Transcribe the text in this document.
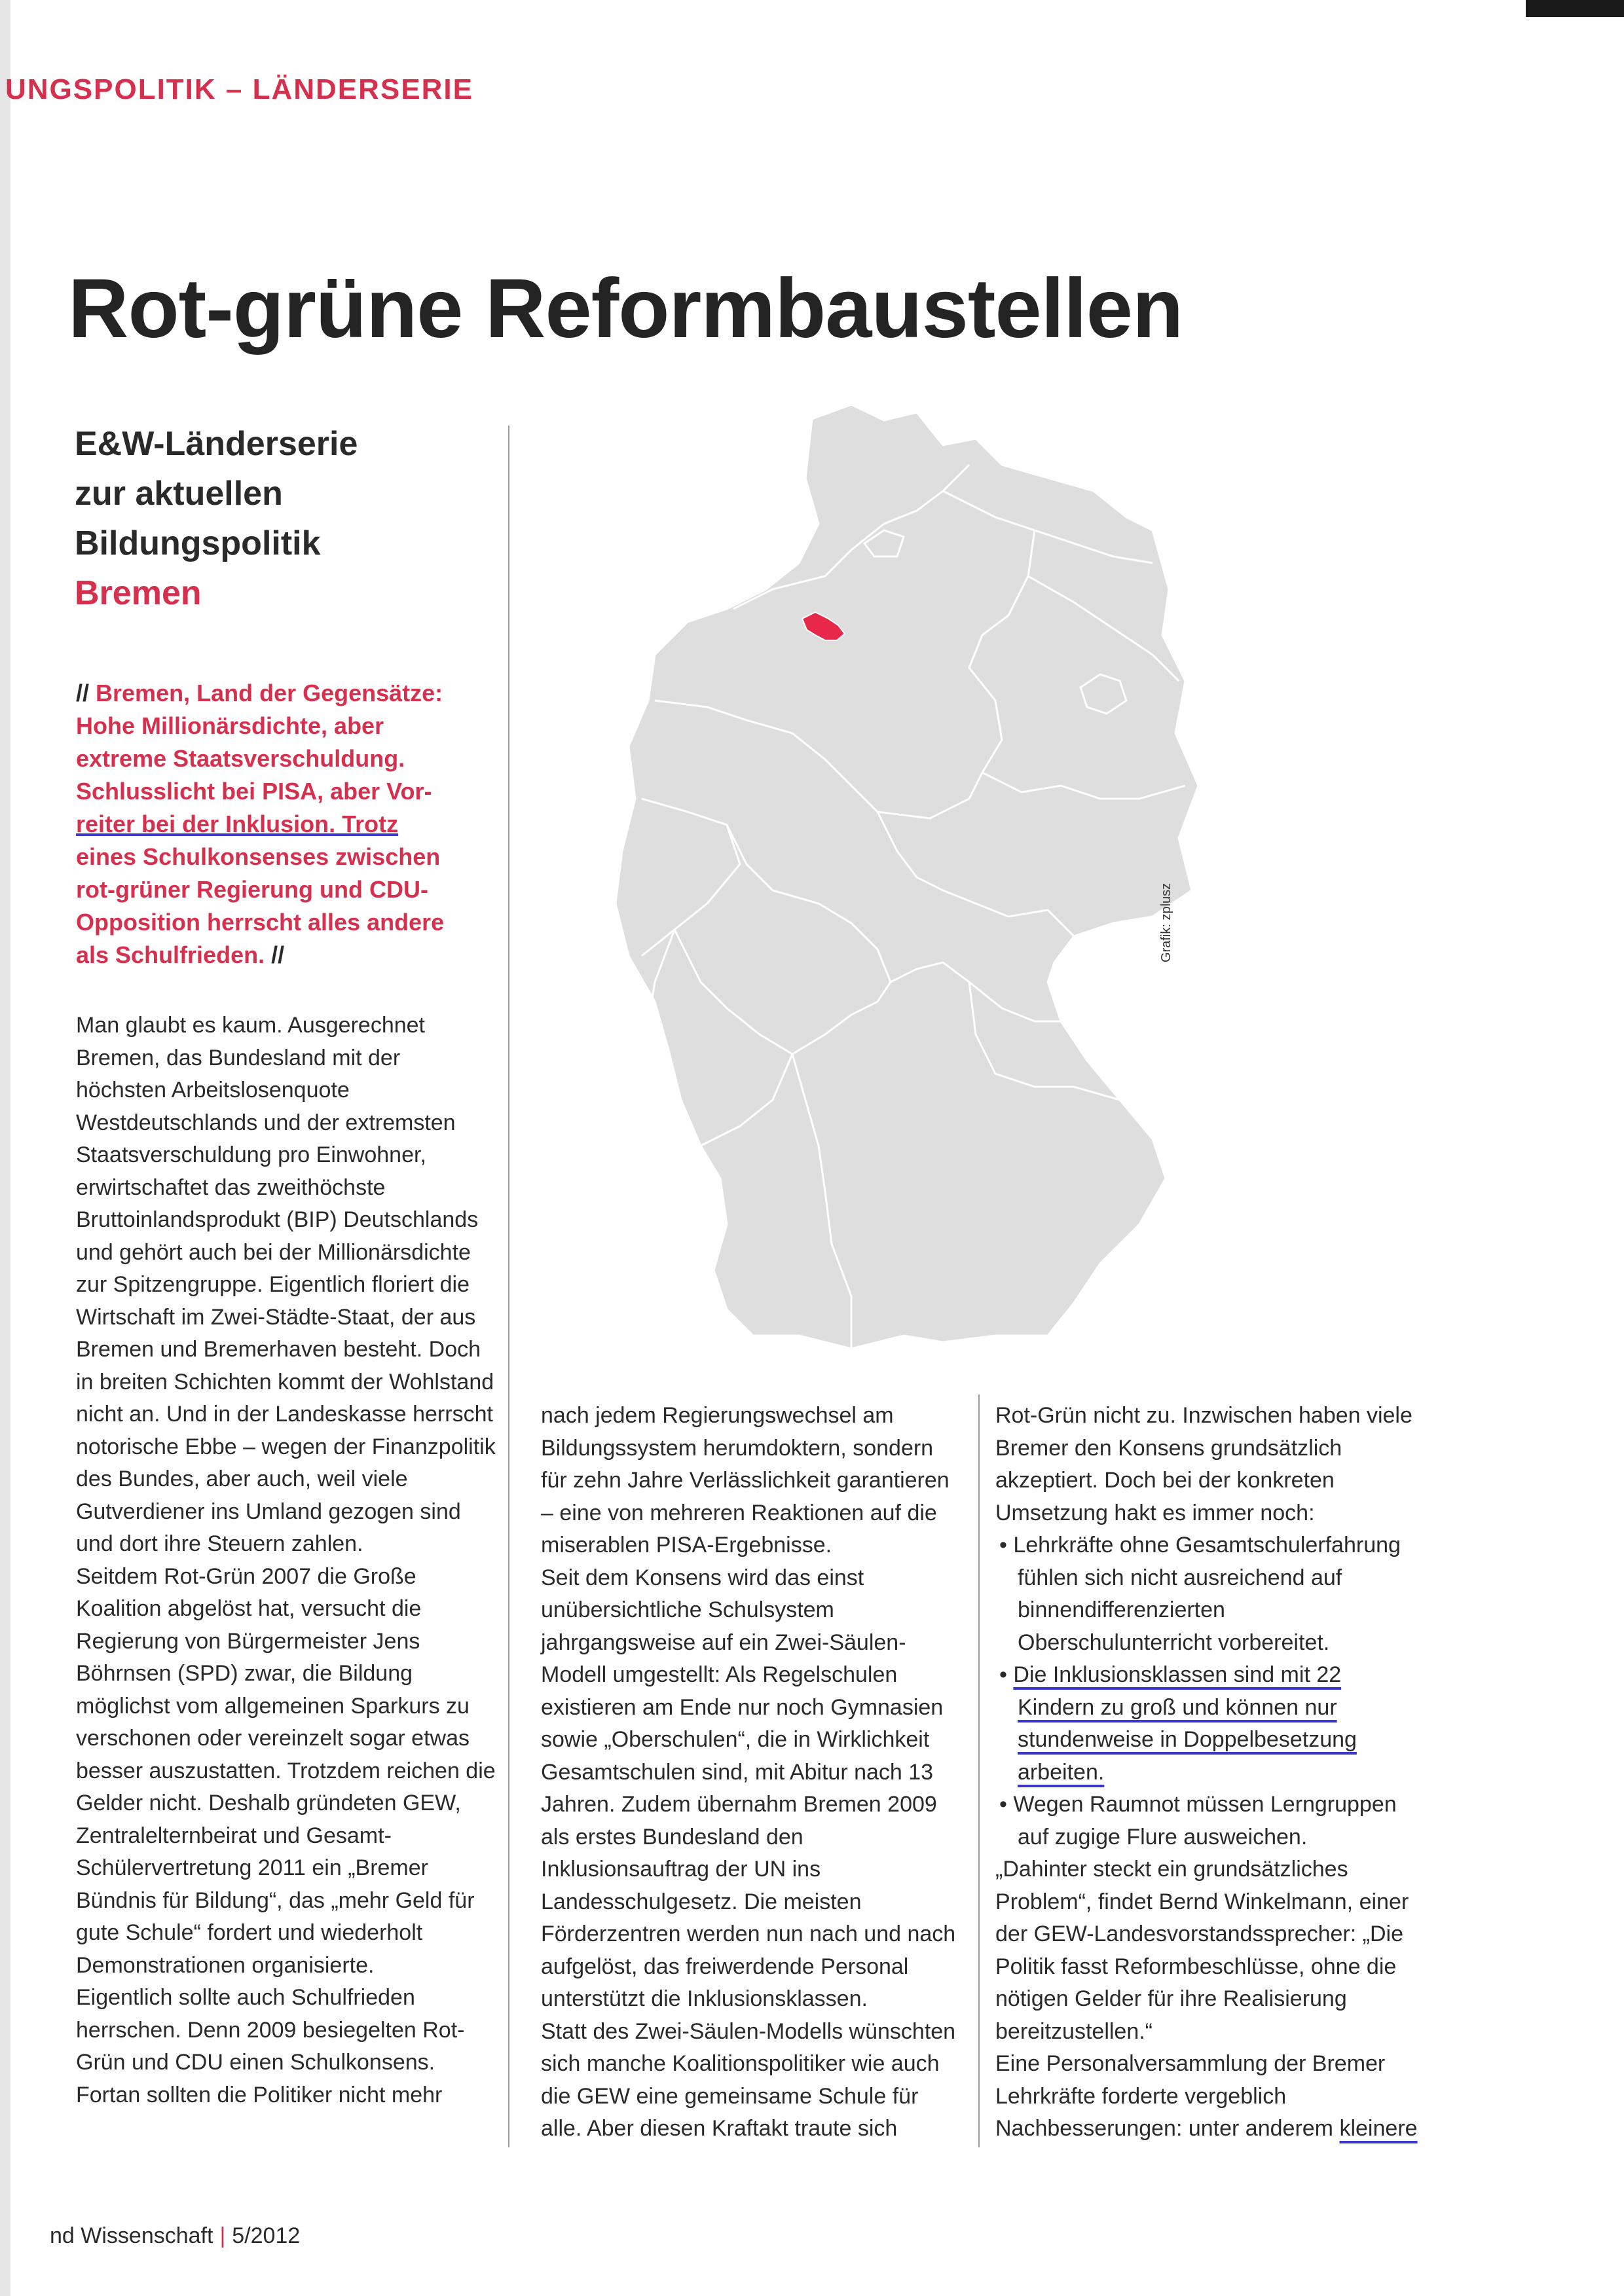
UNGSPOLITIK – LÄNDERSERIE
Rot-grüne Reformbaustellen
E&W-Länderserie
zur aktuellen
Bildungspolitik
Bremen
// Bremen, Land der Gegensätze:
Hohe Millionärsdichte, aber
extreme Staatsverschuldung.
Schlusslicht bei PISA, aber Vor-
reiter bei der Inklusion. Trotz
eines Schulkonsenses zwischen
rot-grüner Regierung und CDU-
Opposition herrscht alles andere
als Schulfrieden. //	Grafik: zplusz

Man glaubt es kaum. Ausgerechnet Bremen, das Bundesland mit der höchsten Arbeitslosenquote Westdeutschlands und der extremsten Staatsverschuldung pro Einwohner, erwirtschaftet das zweithöchste Bruttoinlandsprodukt (BIP) Deutschlands und gehört auch bei der Millionärsdichte zur Spitzengruppe. Eigentlich floriert die Wirtschaft im Zwei-Städte-Staat, der aus Bremen und Bremerhaven besteht. Doch in breiten Schichten kommt der Wohlstand nicht an. Und in der Landeskasse herrscht notorische Ebbe – wegen der Finanzpolitik des Bundes, aber auch, weil viele Gutverdiener ins Umland gezogen sind und dort ihre Steuern zahlen.

Seitdem Rot-Grün 2007 die Große Koalition abgelöst hat, versucht die Regierung von Bürgermeister Jens Böhrnsen (SPD) zwar, die Bildung möglichst vom allgemeinen Sparkurs zu verschonen oder vereinzelt sogar etwas besser auszustatten. Trotzdem reichen die Gelder nicht. Deshalb gründeten GEW, Zentralelternbeirat und Gesamt-Schülervertretung 2011 ein „Bremer Bündnis für Bildung“, das „mehr Geld für gute Schule“ fordert und wiederholt Demonstrationen organisierte.

Eigentlich sollte auch Schulfrieden herrschen. Denn 2009 besiegelten Rot-Grün und CDU einen Schulkonsens. Fortan sollten die Politiker nicht mehr

nach jedem Regierungswechsel am Bildungssystem herumdoktern, sondern für zehn Jahre Verlässlichkeit garantieren – eine von mehreren Reaktionen auf die miserablen PISA-Ergebnisse.

Seit dem Konsens wird das einst unübersichtliche Schulsystem jahrgangsweise auf ein Zwei-Säulen-Modell umgestellt: Als Regelschulen existieren am Ende nur noch Gymnasien sowie „Oberschulen“, die in Wirklichkeit Gesamtschulen sind, mit Abitur nach 13 Jahren. Zudem übernahm Bremen 2009 als erstes Bundesland den Inklusionsauftrag der UN ins Landesschulgesetz. Die meisten Förderzentren werden nun nach und nach aufgelöst, das freiwerdende Personal unterstützt die Inklusionsklassen.

Statt des Zwei-Säulen-Modells wünschten sich manche Koalitionspolitiker wie auch die GEW eine gemeinsame Schule für alle. Aber diesen Kraftakt traute sich

Rot-Grün nicht zu. Inzwischen haben viele Bremer den Konsens grundsätzlich akzeptiert. Doch bei der konkreten Umsetzung hakt es immer noch:

• Lehrkräfte ohne Gesamtschulerfahrung fühlen sich nicht ausreichend auf binnendifferenzierten Oberschulunterricht vorbereitet.

• Die Inklusionsklassen sind mit 22 Kindern zu groß und können nur stundenweise in Doppelbesetzung arbeiten.

• Wegen Raumnot müssen Lerngruppen auf zugige Flure ausweichen.

„Dahinter steckt ein grundsätzliches Problem“, findet Bernd Winkelmann, einer der GEW-Landesvorstandssprecher: „Die Politik fasst Reformbeschlüsse, ohne die nötigen Gelder für ihre Realisierung bereitzustellen.“

Eine Personalversammlung der Bremer Lehrkräfte forderte vergeblich Nachbesserungen: unter anderem kleinere

nd Wissenschaft | 5/2012
